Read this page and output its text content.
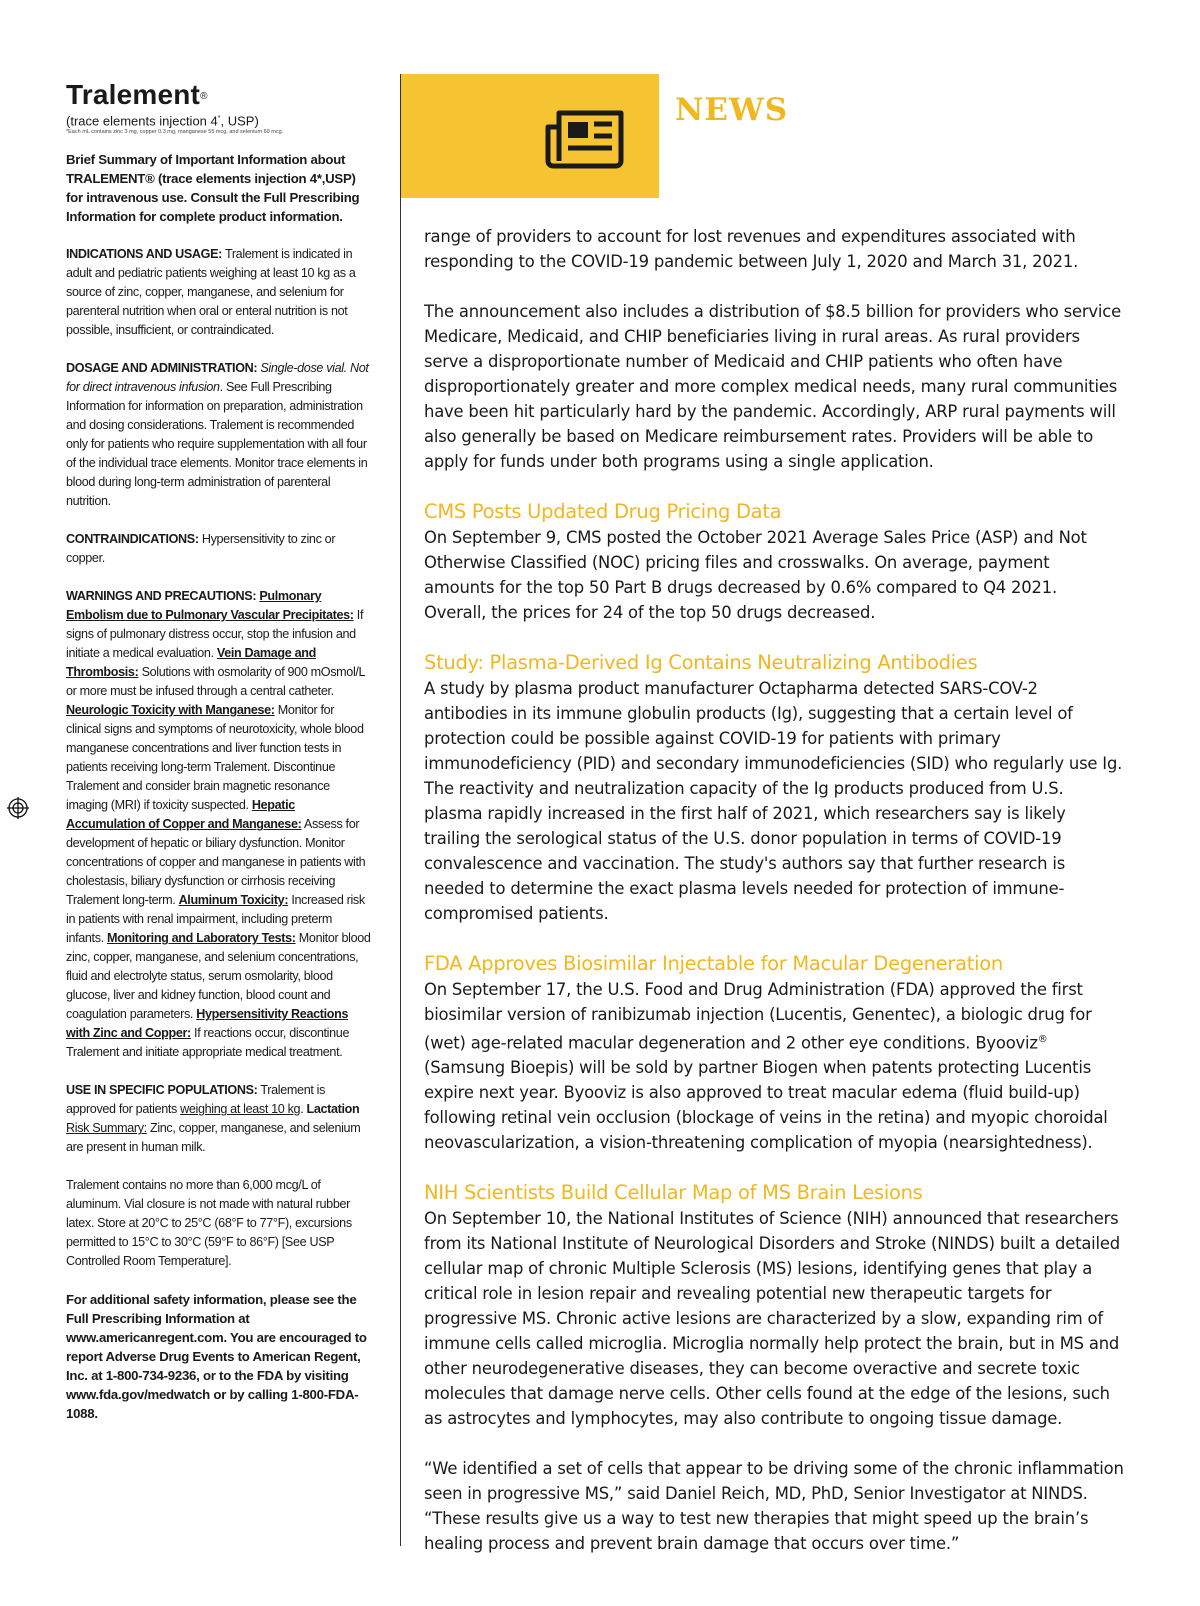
Tralement®
(trace elements injection 4*, USP)
*Each mL contains zinc 3 mg, copper 0.3 mg, manganese 55 mcg, and selenium 60 mcg.
Brief Summary of Important Information about TRALEMENT® (trace elements injection 4*,USP) for intravenous use. Consult the Full Prescribing Information for complete product information.
INDICATIONS AND USAGE: Tralement is indicated in adult and pediatric patients weighing at least 10 kg as a source of zinc, copper, manganese, and selenium for parenteral nutrition when oral or enteral nutrition is not possible, insufficient, or contraindicated.
DOSAGE AND ADMINISTRATION: Single-dose vial. Not for direct intravenous infusion. See Full Prescribing Information for information on preparation, administration and dosing considerations. Tralement is recommended only for patients who require supplementation with all four of the individual trace elements. Monitor trace elements in blood during long-term administration of parenteral nutrition.
CONTRAINDICATIONS: Hypersensitivity to zinc or copper.
WARNINGS AND PRECAUTIONS: Pulmonary Embolism due to Pulmonary Vascular Precipitates: If signs of pulmonary distress occur, stop the infusion and initiate a medical evaluation. Vein Damage and Thrombosis: Solutions with osmolarity of 900 mOsmol/L or more must be infused through a central catheter. Neurologic Toxicity with Manganese: Monitor for clinical signs and symptoms of neurotoxicity, whole blood manganese concentrations and liver function tests in patients receiving long-term Tralement. Discontinue Tralement and consider brain magnetic resonance imaging (MRI) if toxicity suspected. Hepatic Accumulation of Copper and Manganese: Assess for development of hepatic or biliary dysfunction. Monitor concentrations of copper and manganese in patients with cholestasis, biliary dysfunction or cirrhosis receiving Tralement long-term. Aluminum Toxicity: Increased risk in patients with renal impairment, including preterm infants. Monitoring and Laboratory Tests: Monitor blood zinc, copper, manganese, and selenium concentrations, fluid and electrolyte status, serum osmolarity, blood glucose, liver and kidney function, blood count and coagulation parameters. Hypersensitivity Reactions with Zinc and Copper: If reactions occur, discontinue Tralement and initiate appropriate medical treatment.
USE IN SPECIFIC POPULATIONS: Tralement is approved for patients weighing at least 10 kg. Lactation Risk Summary: Zinc, copper, manganese, and selenium are present in human milk.
Tralement contains no more than 6,000 mcg/L of aluminum. Vial closure is not made with natural rubber latex. Store at 20°C to 25°C (68°F to 77°F), excursions permitted to 15°C to 30°C (59°F to 86°F) [See USP Controlled Room Temperature].
For additional safety information, please see the Full Prescribing Information at www.americanregent.com. You are encouraged to report Adverse Drug Events to American Regent, Inc. at 1-800-734-9236, or to the FDA by visiting www.fda.gov/medwatch or by calling 1-800-FDA-1088.
NEWS

range of providers to account for lost revenues and expenditures associated with responding to the COVID-19 pandemic between July 1, 2020 and March 31, 2021.

The announcement also includes a distribution of $8.5 billion for providers who service Medicare, Medicaid, and CHIP beneficiaries living in rural areas. As rural providers serve a disproportionate number of Medicaid and CHIP patients who often have disproportionately greater and more complex medical needs, many rural communities have been hit particularly hard by the pandemic. Accordingly, ARP rural payments will also generally be based on Medicare reimbursement rates. Providers will be able to apply for funds under both programs using a single application.

CMS Posts Updated Drug Pricing Data

On September 9, CMS posted the October 2021 Average Sales Price (ASP) and Not Otherwise Classified (NOC) pricing files and crosswalks. On average, payment amounts for the top 50 Part B drugs decreased by 0.6% compared to Q4 2021. Overall, the prices for 24 of the top 50 drugs decreased.

Study: Plasma-Derived Ig Contains Neutralizing Antibodies

A study by plasma product manufacturer Octapharma detected SARS-COV-2 antibodies in its immune globulin products (Ig), suggesting that a certain level of protection could be possible against COVID-19 for patients with primary immunodeficiency (PID) and secondary immunodeficiencies (SID) who regularly use Ig. The reactivity and neutralization capacity of the Ig products produced from U.S. plasma rapidly increased in the first half of 2021, which researchers say is likely trailing the serological status of the U.S. donor population in terms of COVID-19 convalescence and vaccination. The study's authors say that further research is needed to determine the exact plasma levels needed for protection of immune-compromised patients.

FDA Approves Biosimilar Injectable for Macular Degeneration

On September 17, the U.S. Food and Drug Administration (FDA) approved the first biosimilar version of ranibizumab injection (Lucentis, Genentec), a biologic drug for (wet) age-related macular degeneration and 2 other eye conditions. Byooviz® (Samsung Bioepis) will be sold by partner Biogen when patents protecting Lucentis expire next year. Byooviz is also approved to treat macular edema (fluid build-up) following retinal vein occlusion (blockage of veins in the retina) and myopic choroidal neovascularization, a vision-threatening complication of myopia (nearsightedness).

NIH Scientists Build Cellular Map of MS Brain Lesions

On September 10, the National Institutes of Science (NIH) announced that researchers from its National Institute of Neurological Disorders and Stroke (NINDS) built a detailed cellular map of chronic Multiple Sclerosis (MS) lesions, identifying genes that play a critical role in lesion repair and revealing potential new therapeutic targets for progressive MS. Chronic active lesions are characterized by a slow, expanding rim of immune cells called microglia. Microglia normally help protect the brain, but in MS and other neurodegenerative diseases, they can become overactive and secrete toxic molecules that damage nerve cells. Other cells found at the edge of the lesions, such as astrocytes and lymphocytes, may also contribute to ongoing tissue damage.

“We identified a set of cells that appear to be driving some of the chronic inflammation seen in progressive MS,” said Daniel Reich, MD, PhD, Senior Investigator at NINDS. “These results give us a way to test new therapies that might speed up the brain’s healing process and prevent brain damage that occurs over time.”
